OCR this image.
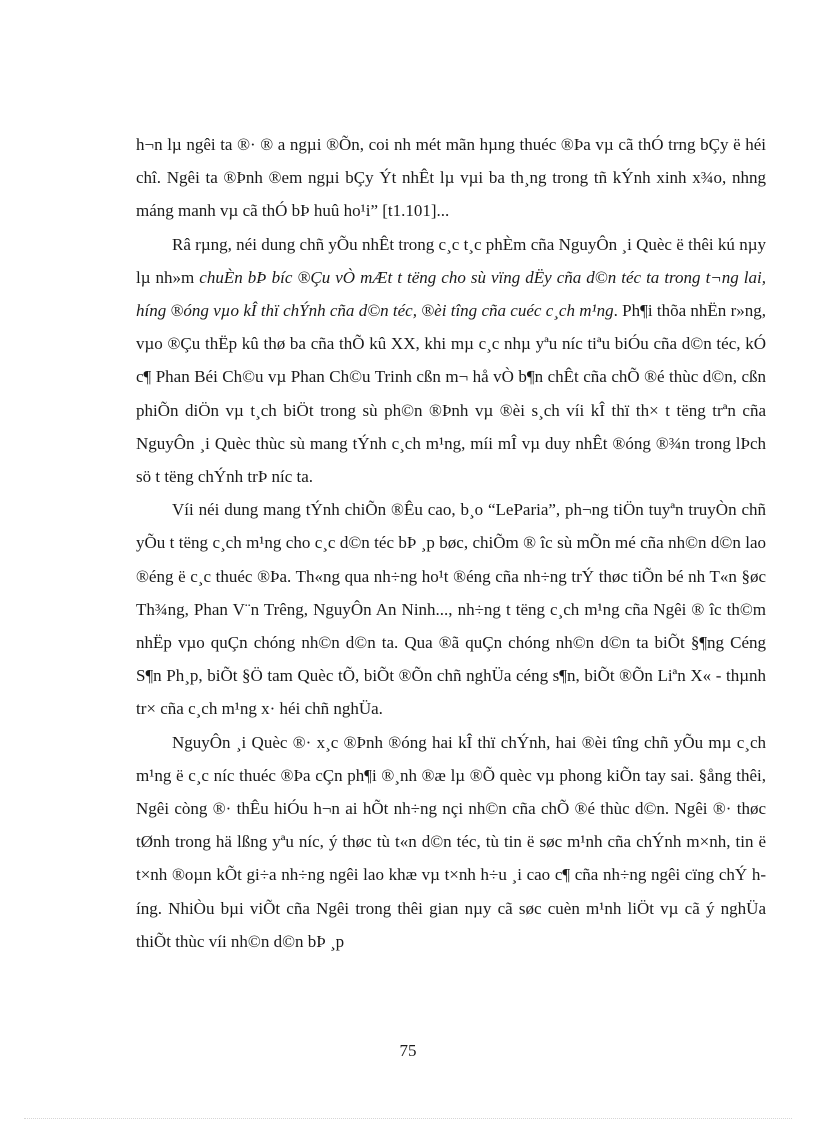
h¬n lµ ngêi ta ®· ® a ngµi ®Õn, coi nh mét mãn hµng thuéc ®Þa vµ cã thÓ trng bÇy ë héi chî. Ngêi ta ®Þnh ®em ngµi bÇy Ýt nhÊt lµ vµi ba th¸ng trong tñ kÝnh xinh x¾o, nhng máng manh vµ cã thÓ bÞ huû ho¹i” [t1.101]...

Râ rµng, néi dung chñ yÕu nhÊt trong c¸c t¸c phÈm cña NguyÔn ¸i Quèc ë thêi kú nµy lµ nh»m chuÈn bÞ bíc ®Çu vÒ mÆt t tëng cho sù vïng dËy cña d©n téc ta trong t¬ng lai, híng ®óng vµo kÎ thï chÝnh cña d©n téc, ®èi tîng cña cuéc c¸ch m¹ng. Ph¶i thõa nhËn r»ng, vµo ®Çu thËp kû thø ba cña thÕ kû XX, khi mµ c¸c nhµ yªu níc tiªu biÓu cña d©n téc, kÓ c¶ Phan Béi Ch©u vµ Phan Ch©u Trinh cßn m¬ hå vÒ b¶n chÊt cña chÕ ®é thùc d©n, cßn phiÕn diÖn vµ t¸ch biÖt trong sù ph©n ®Þnh vµ ®èi s¸ch víi kÎ thï th× t tëng trªn cña NguyÔn ¸i Quèc thùc sù mang tÝnh c¸ch m¹ng, míi mÎ vµ duy nhÊt ®óng ®¾n trong lÞch sö t tëng chÝnh trÞ níc ta.

Víi néi dung mang tÝnh chiÕn ®Êu cao, b¸o “LeParia”, ph¬ng tiÖn tuyªn truyÒn chñ yÕu t tëng c¸ch m¹ng cho c¸c d©n téc bÞ ¸p bøc, chiÕm ® îc sù mÕn mé cña nh©n d©n lao ®éng ë c¸c thuéc ®Þa. Th«ng qua nh÷ng ho¹t ®éng cña nh÷ng trÝ thøc tiÕn bé nh T«n §øc Th¾ng, Phan V¨n Trêng, NguyÔn An Ninh..., nh÷ng t tëng c¸ch m¹ng cña Ngêi ® îc th©m nhËp vµo quÇn chóng nh©n d©n ta. Qua ®ã quÇn chóng nh©n d©n ta biÕt §¶ng Céng S¶n Ph¸p, biÕt §Ö tam Quèc tÕ, biÕt ®Õn chñ nghÜa céng s¶n, biÕt ®Õn Liªn X« - thµnh tr× cña c¸ch m¹ng x· héi chñ nghÜa.

NguyÔn ¸i Quèc ®· x¸c ®Þnh ®óng hai kÎ thï chÝnh, hai ®èi tîng chñ yÕu mµ c¸ch m¹ng ë c¸c níc thuéc ®Þa cÇn ph¶i ®¸nh ®æ lµ ®Õ quèc vµ phong kiÕn tay sai. §ång thêi, Ngêi còng ®· thÊu hiÓu h¬n ai hÕt nh÷ng nçi nh©n cña chÕ ®é thùc d©n. Ngêi ®· thøc tØnh trong hä lßng yªu níc, ý thøc tù t«n d©n téc, tù tin ë søc m¹nh cña chÝnh m×nh, tin ë t×nh ®oµn kÕt gi÷a nh÷ng ngêi lao khæ vµ t×nh h÷u ¸i cao c¶ cña nh÷ng ngêi cïng chÝ híng. NhiÒu bµi viÕt cña Ngêi trong thêi gian nµy cã søc cuèn m¹nh liÖt vµ cã ý nghÜa thiÕt thùc víi nh©n d©n bÞ ¸p

75
